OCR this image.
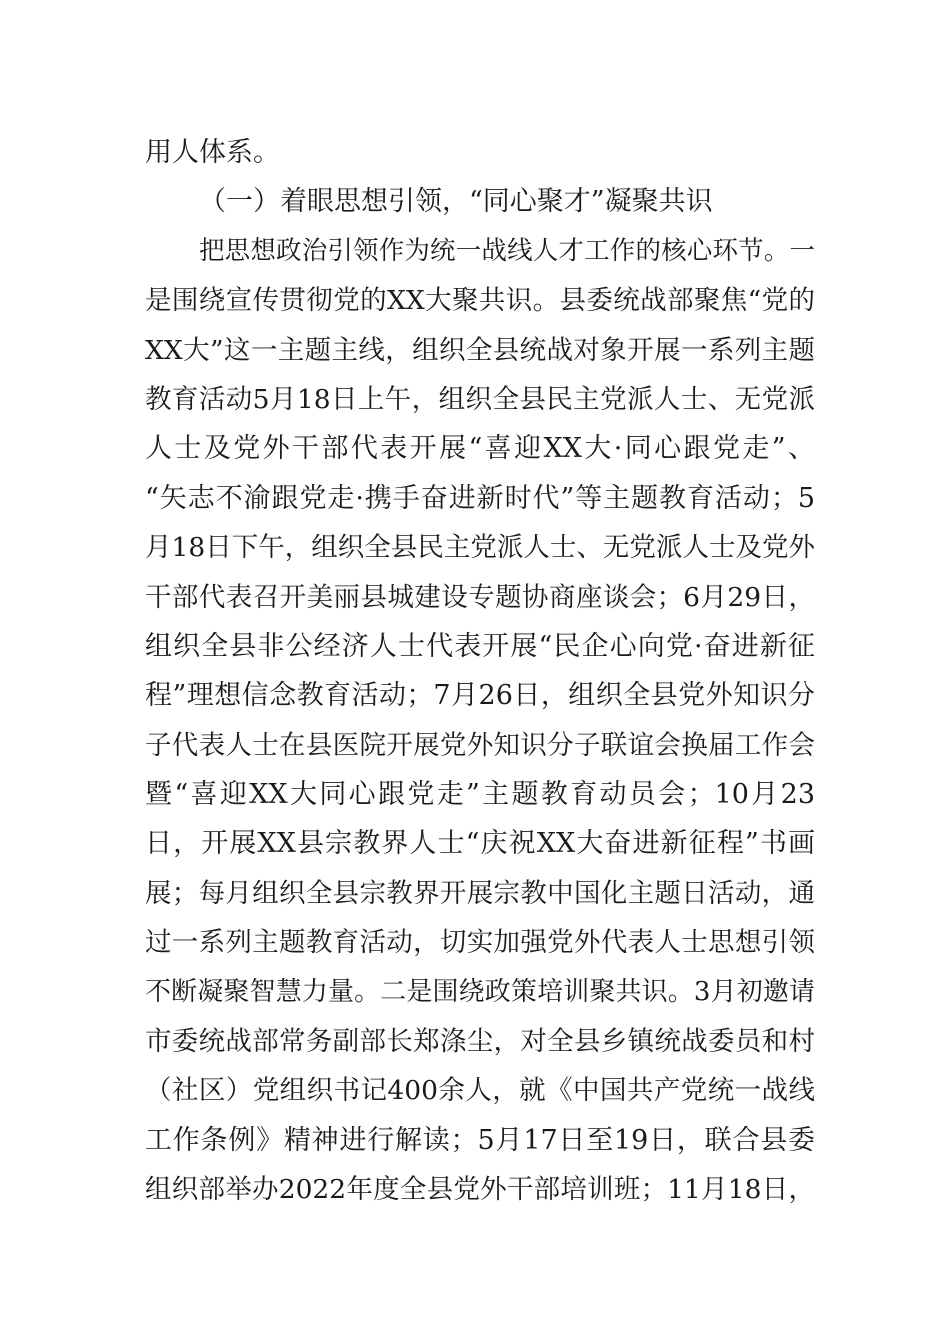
用人体系。
（一）着眼思想引领，“同心聚才”凝聚共识
把思想政治引领作为统一战线人才工作的核心环节。一
是围绕宣传贯彻党的XX大聚共识。县委统战部聚焦“党的
XX大”这一主题主线，组织全县统战对象开展一系列主题
教育活动5月18日上午，组织全县民主党派人士、无党派
人士及党外干部代表开展“喜迎XX大·同心跟党走”、
“矢志不渝跟党走·携手奋进新时代”等主题教育活动；5
月18日下午，组织全县民主党派人士、无党派人士及党外
干部代表召开美丽县城建设专题协商座谈会；6月29日，
组织全县非公经济人士代表开展“民企心向党·奋进新征
程”理想信念教育活动；7月26日，组织全县党外知识分
子代表人士在县医院开展党外知识分子联谊会换届工作会
暨“喜迎XX大同心跟党走”主题教育动员会；10月23
日，开展XX县宗教界人士“庆祝XX大奋进新征程”书画
展；每月组织全县宗教界开展宗教中国化主题日活动，通
过一系列主题教育活动，切实加强党外代表人士思想引领
不断凝聚智慧力量。二是围绕政策培训聚共识。3月初邀请
市委统战部常务副部长郑涤尘，对全县乡镇统战委员和村
（社区）党组织书记400余人，就《中国共产党统一战线
工作条例》精神进行解读；5月17日至19日，联合县委
组织部举办2022年度全县党外干部培训班；11月18日，
